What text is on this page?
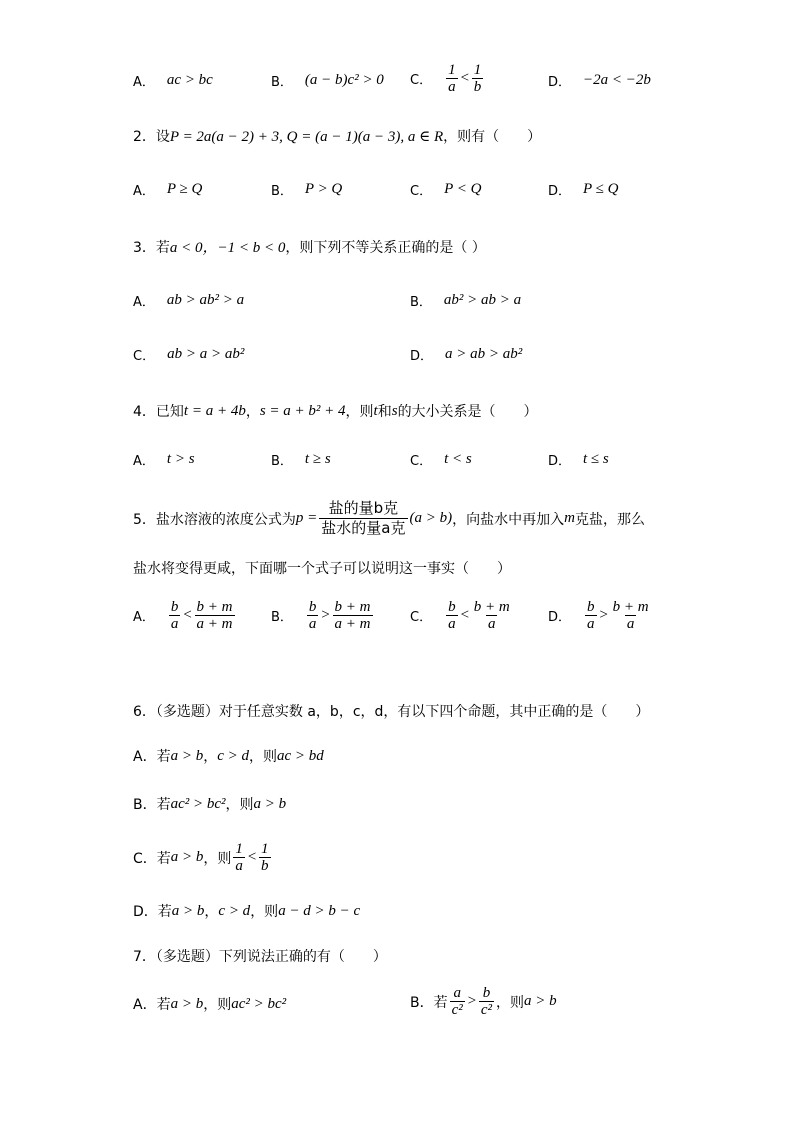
A． ac > bc	B． (a − b)c² > 0 C． $\frac{1}{a} < \frac{1}{b}$	D． −2a < −2b
2．设 P = 2a(a − 2) + 3, Q = (a − 1)(a − 3), a ∈ R ，则有（　　）
A． P ≥ Q	B． P > Q	C． P < Q	D． P ≤ Q
3．若 a < 0，−1 < b < 0 ，则下列不等关系正确的是（ ）
A． ab > ab² > a	B． ab² > ab > a
C． ab > a > ab²	D． a > ab > ab²
4．已知 t = a + 4b ， s = a + b² + 4 ，则 t 和 s 的大小关系是（　　）
A． t > s	B． t ≥ s	C． t < s	D． t ≤ s
5．盐水溶液的浓度公式为 $p = \frac{\text{盐的量b克}}{\text{盐水的量a克}} (a > b)$ ，向盐水中再加入 m 克盐，那么
盐水将变得更咸，下面哪一个式子可以说明这一事实（　　）
A． $\frac{b}{a} < \frac{b + m}{a + m}$	B． $\frac{b}{a} > \frac{b + m}{a + m}$	C． $\frac{b}{a} < \frac{b + m}{a}$	D． $\frac{b}{a} > \frac{b + m}{a}$
6．（多选题）对于任意实数 a，b，c，d，有以下四个命题，其中正确的是（　　）
A．若 a > b ， c > d ，则 ac > bd
B．若 ac² > bc² ，则 a > b
C．若 a > b ，则 $\frac{1}{a} < \frac{1}{b}$
D．若 a > b ， c > d ，则 a − d > b − c
7．（多选题）下列说法正确的有（　　）
A．若 a > b ，则 ac² > bc²	B．若 $\frac{a}{\text{c²}} > \frac{b}{\text{c²}}$ ，则 a > b
